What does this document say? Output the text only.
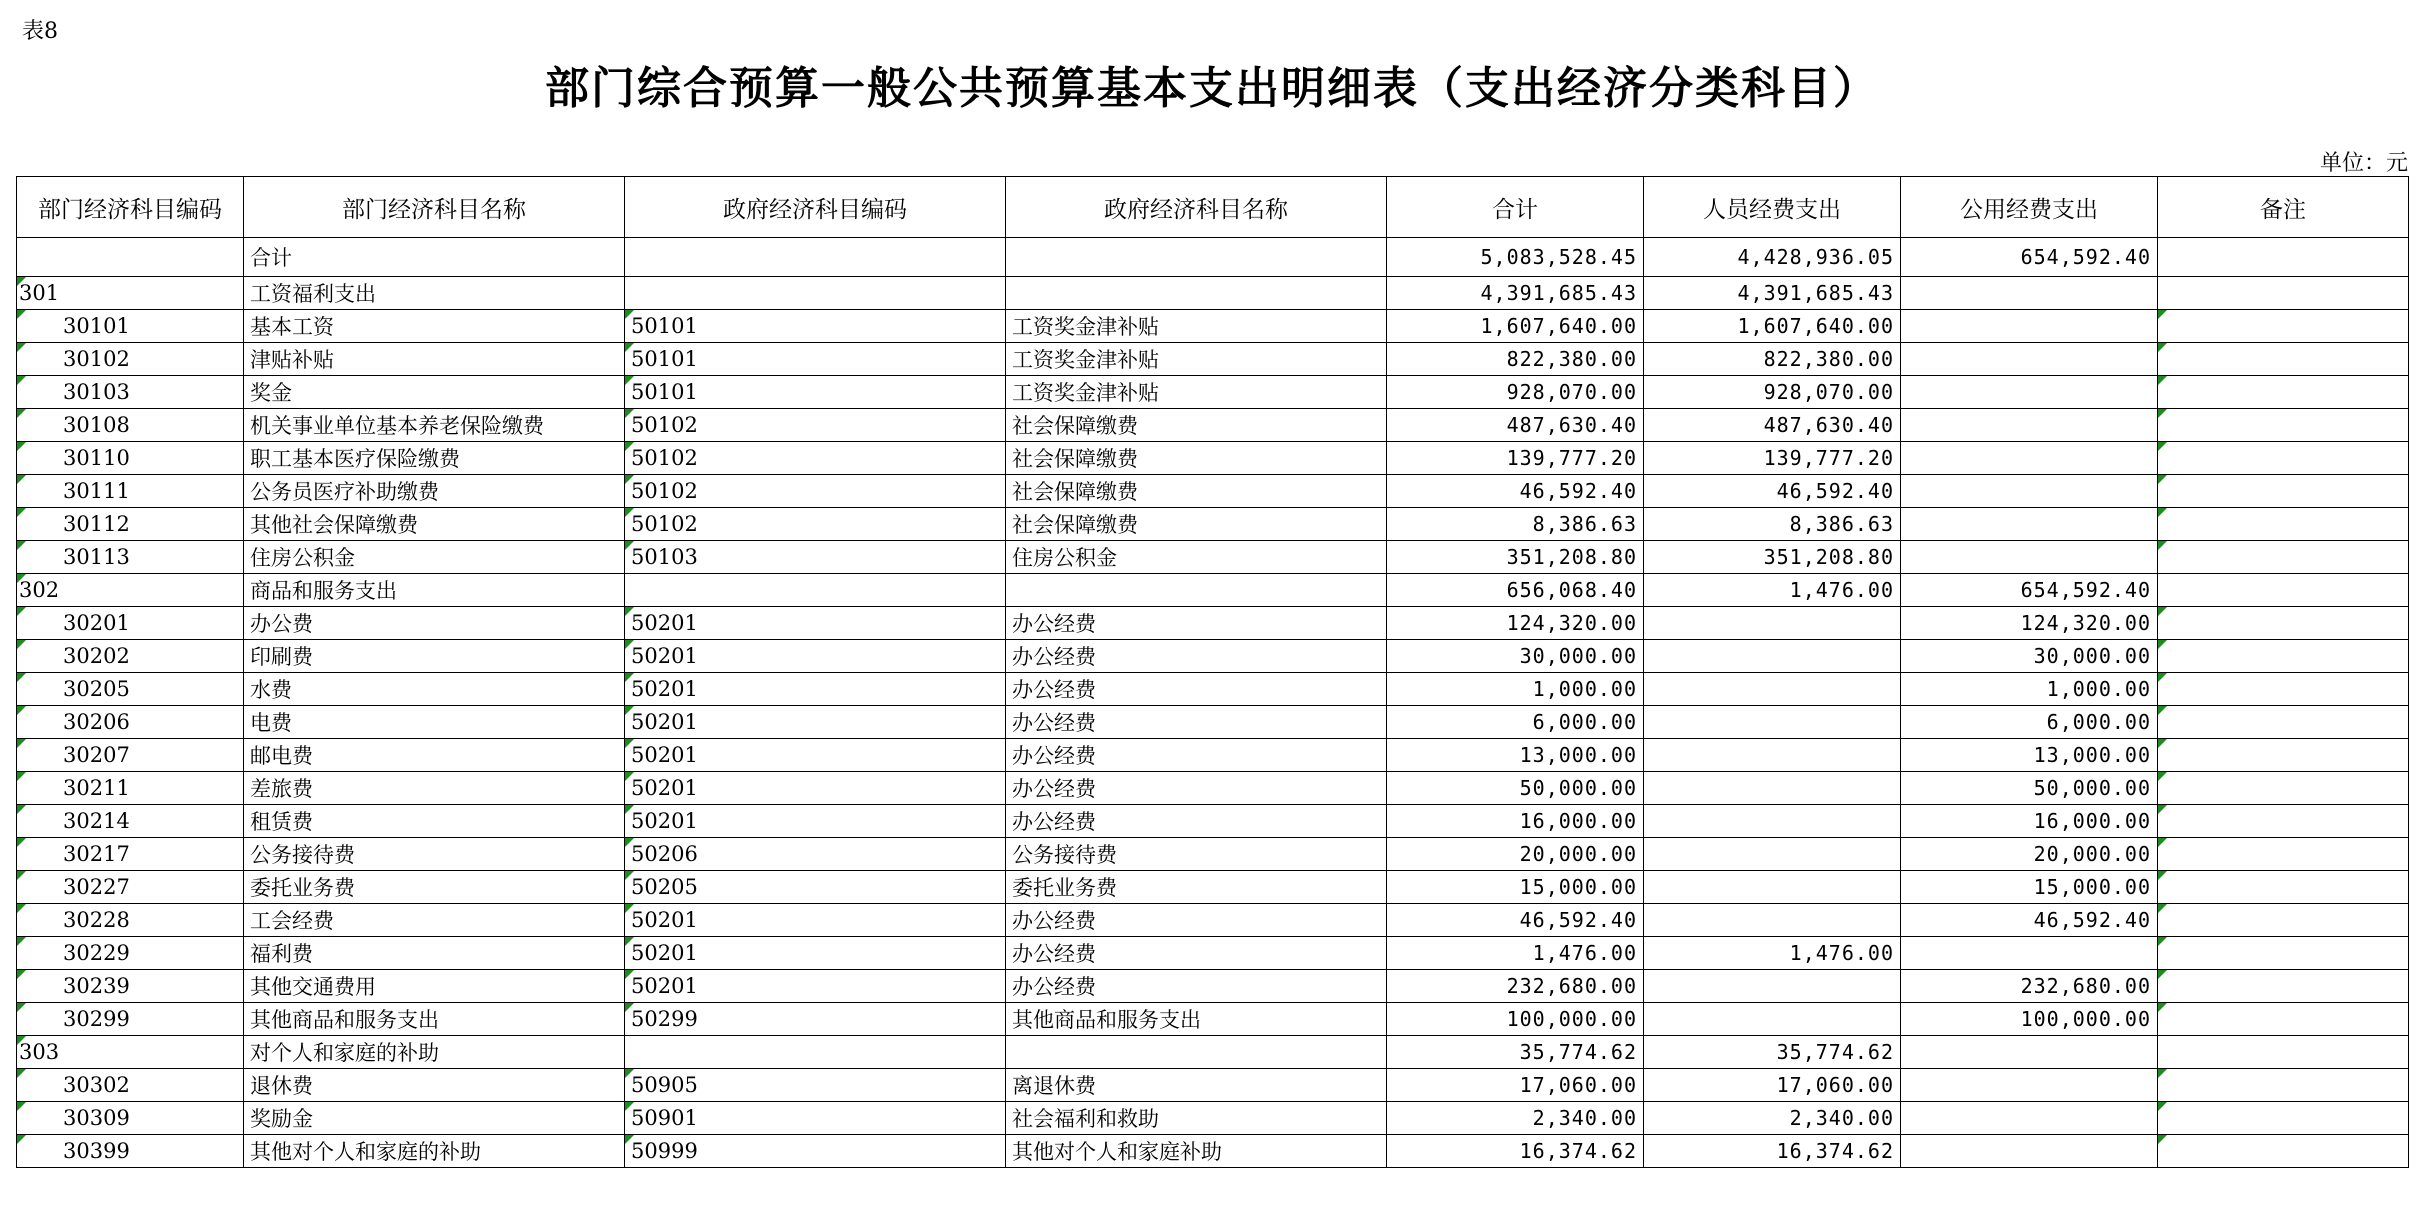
表8
部门综合预算一般公共预算基本支出明细表（支出经济分类科目）
单位：元
部门经济科目编码	部门经济科目名称	政府经济科目编码	政府经济科目名称	合计	人员经费支出	公用经费支出	备注
	合计			5,083,528.45	4,428,936.05	654,592.40	
301	工资福利支出			4,391,685.43	4,391,685.43		
30101	基本工资	50101	工资奖金津补贴	1,607,640.00	1,607,640.00		
30102	津贴补贴	50101	工资奖金津补贴	822,380.00	822,380.00		
30103	奖金	50101	工资奖金津补贴	928,070.00	928,070.00		
30108	机关事业单位基本养老保险缴费	50102	社会保障缴费	487,630.40	487,630.40		
30110	职工基本医疗保险缴费	50102	社会保障缴费	139,777.20	139,777.20		
30111	公务员医疗补助缴费	50102	社会保障缴费	46,592.40	46,592.40		
30112	其他社会保障缴费	50102	社会保障缴费	8,386.63	8,386.63		
30113	住房公积金	50103	住房公积金	351,208.80	351,208.80		
302	商品和服务支出			656,068.40	1,476.00	654,592.40	
30201	办公费	50201	办公经费	124,320.00		124,320.00	
30202	印刷费	50201	办公经费	30,000.00		30,000.00	
30205	水费	50201	办公经费	1,000.00		1,000.00	
30206	电费	50201	办公经费	6,000.00		6,000.00	
30207	邮电费	50201	办公经费	13,000.00		13,000.00	
30211	差旅费	50201	办公经费	50,000.00		50,000.00	
30214	租赁费	50201	办公经费	16,000.00		16,000.00	
30217	公务接待费	50206	公务接待费	20,000.00		20,000.00	
30227	委托业务费	50205	委托业务费	15,000.00		15,000.00	
30228	工会经费	50201	办公经费	46,592.40		46,592.40	
30229	福利费	50201	办公经费	1,476.00	1,476.00		
30239	其他交通费用	50201	办公经费	232,680.00		232,680.00	
30299	其他商品和服务支出	50299	其他商品和服务支出	100,000.00		100,000.00	
303	对个人和家庭的补助			35,774.62	35,774.62		
30302	退休费	50905	离退休费	17,060.00	17,060.00		
30309	奖励金	50901	社会福利和救助	2,340.00	2,340.00		
30399	其他对个人和家庭的补助	50999	其他对个人和家庭补助	16,374.62	16,374.62		
